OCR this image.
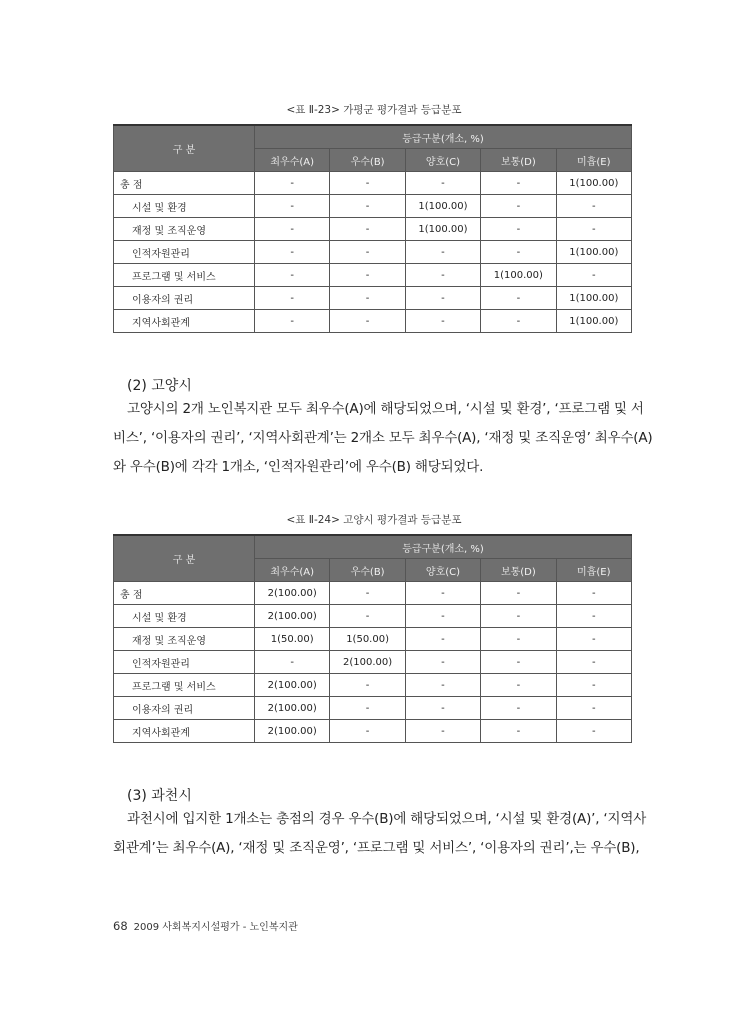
<표 Ⅱ-23> 가평군 평가결과 등급분포
구 분	등급구분(개소, %)				
	최우수(A)	우수(B)	양호(C)	보통(D)	미흡(E)
총 점	-	-	-	-	1(100.00)
시설 및 환경	-	-	1(100.00)	-	-
재정 및 조직운영	-	-	1(100.00)	-	-
인적자원관리	-	-	-	-	1(100.00)
프로그램 및 서비스	-	-	-	1(100.00)	-
이용자의 권리	-	-	-	-	1(100.00)
지역사회관계	-	-	-	-	1(100.00)
(2) 고양시
고양시의 2개 노인복지관 모두 최우수(A)에 해당되었으며, ‘시설 및 환경’, ‘프로그램 및 서
비스’, ‘이용자의 권리’, ‘지역사회관계’는 2개소 모두 최우수(A), ‘재정 및 조직운영’ 최우수(A)
와 우수(B)에 각각 1개소, ‘인적자원관리’에 우수(B) 해당되었다.
<표 Ⅱ-24> 고양시 평가결과 등급분포
구 분	등급구분(개소, %)				
	최우수(A)	우수(B)	양호(C)	보통(D)	미흡(E)
총 점	2(100.00)	-	-	-	-
시설 및 환경	2(100.00)	-	-	-	-
재정 및 조직운영	1(50.00)	1(50.00)	-	-	-
인적자원관리	-	2(100.00)	-	-	-
프로그램 및 서비스	2(100.00)	-	-	-	-
이용자의 권리	2(100.00)	-	-	-	-
지역사회관계	2(100.00)	-	-	-	-
(3) 과천시
과천시에 입지한 1개소는 총점의 경우 우수(B)에 해당되었으며, ‘시설 및 환경(A)’, ‘지역사
회관계’는 최우수(A), ‘재정 및 조직운영’, ‘프로그램 및 서비스’, ‘이용자의 권리’,는 우수(B),
68 2009 사회복지시설평가 - 노인복지관
